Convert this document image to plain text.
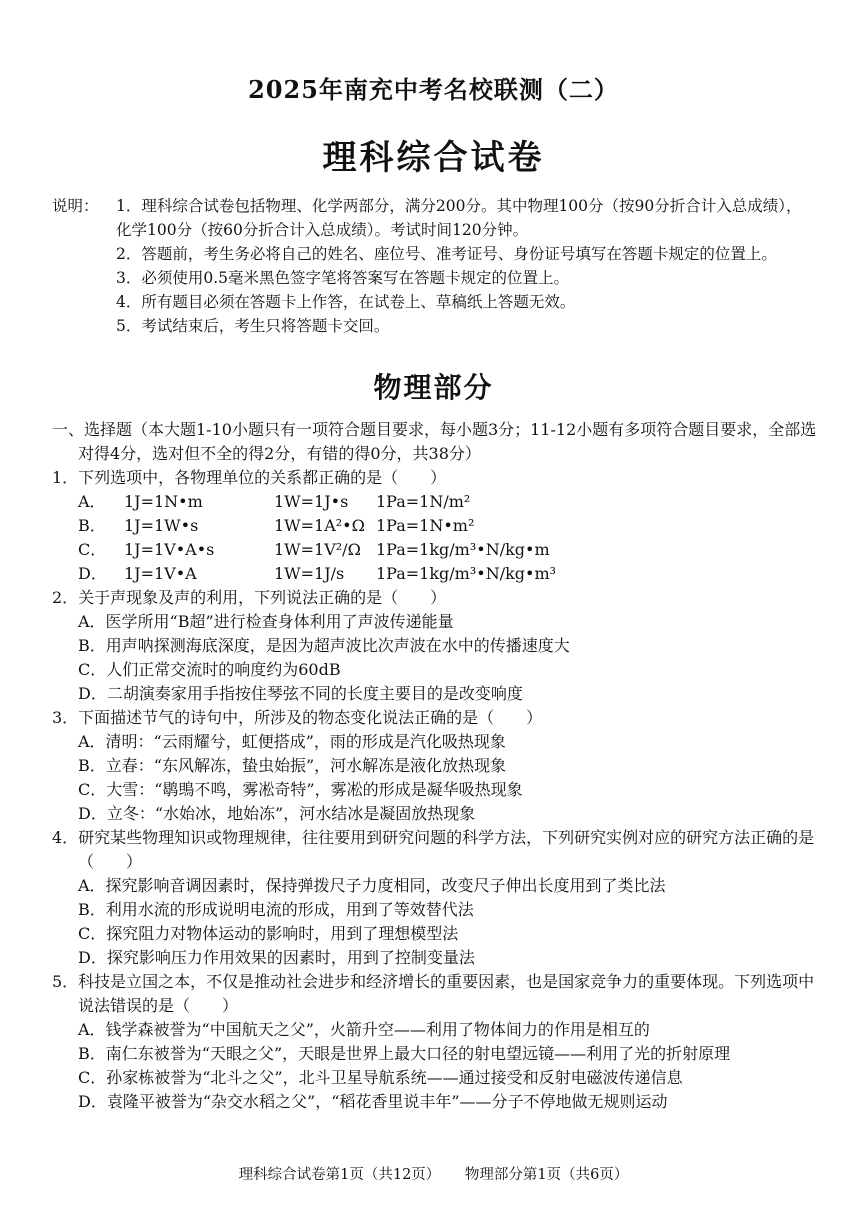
2025年南充中考名校联测（二）
理科综合试卷
说明： 1．理科综合试卷包括物理、化学两部分，满分200分。其中物理100分（按90分折合计入总成绩），化学100分（按60分折合计入总成绩）。考试时间120分钟。
2．答题前，考生务必将自己的姓名、座位号、准考证号、身份证号填写在答题卡规定的位置上。
3．必须使用0.5毫米黑色签字笔将答案写在答题卡规定的位置上。
4．所有题目必须在答题卡上作答，在试卷上、草稿纸上答题无效。
5．考试结束后，考生只将答题卡交回。
物理部分
一、选择题（本大题1-10小题只有一项符合题目要求，每小题3分；11-12小题有多项符合题目要求，全部选对得4分，选对但不全的得2分，有错的得0分，共38分）
1．下列选项中，各物理单位的关系都正确的是（　　）
A．	1J=1N•m	1W=1J•s	1Pa=1N/m²
B．	1J=1W•s	1W=1A²•Ω 1Pa=1N•m²
C．	1J=1V•A•s	1W=1V²/Ω 1Pa=1kg/m³•N/kg•m
D．	1J=1V•A	1W=1J/s	1Pa=1kg/m³•N/kg•m³
2．关于声现象及声的利用，下列说法正确的是（　　）
A．医学所用“B超”进行检查身体利用了声波传递能量
B．用声呐探测海底深度，是因为超声波比次声波在水中的传播速度大
C．人们正常交流时的响度约为60dB
D．二胡演奏家用手指按住琴弦不同的长度主要目的是改变响度
3．下面描述节气的诗句中，所涉及的物态变化说法正确的是（　　）
A．清明：“云雨耀兮，虹便搭成”，雨的形成是汽化吸热现象
B．立春：“东风解冻，蛰虫始振”，河水解冻是液化放热现象
C．大雪：“鹖鴠不鸣，雾凇奇特”，雾凇的形成是凝华吸热现象
D．立冬：“水始冰，地始冻”，河水结冰是凝固放热现象
4．研究某些物理知识或物理规律，往往要用到研究问题的科学方法，下列研究实例对应的研究方法正确的是（　　）
A．探究影响音调因素时，保持弹拨尺子力度相同，改变尺子伸出长度用到了类比法
B．利用水流的形成说明电流的形成，用到了等效替代法
C．探究阻力对物体运动的影响时，用到了理想模型法
D．探究影响压力作用效果的因素时，用到了控制变量法
5．科技是立国之本，不仅是推动社会进步和经济增长的重要因素，也是国家竞争力的重要体现。下列选项中说法错误的是（　　）
A．钱学森被誉为“中国航天之父”，火箭升空——利用了物体间力的作用是相互的
B．南仁东被誉为“天眼之父”，天眼是世界上最大口径的射电望远镜——利用了光的折射原理
C．孙家栋被誉为“北斗之父”，北斗卫星导航系统——通过接受和反射电磁波传递信息
D．袁隆平被誉为“杂交水稻之父”，“稻花香里说丰年”——分子不停地做无规则运动
理科综合试卷第1页（共12页） 物理部分第1页（共6页）
